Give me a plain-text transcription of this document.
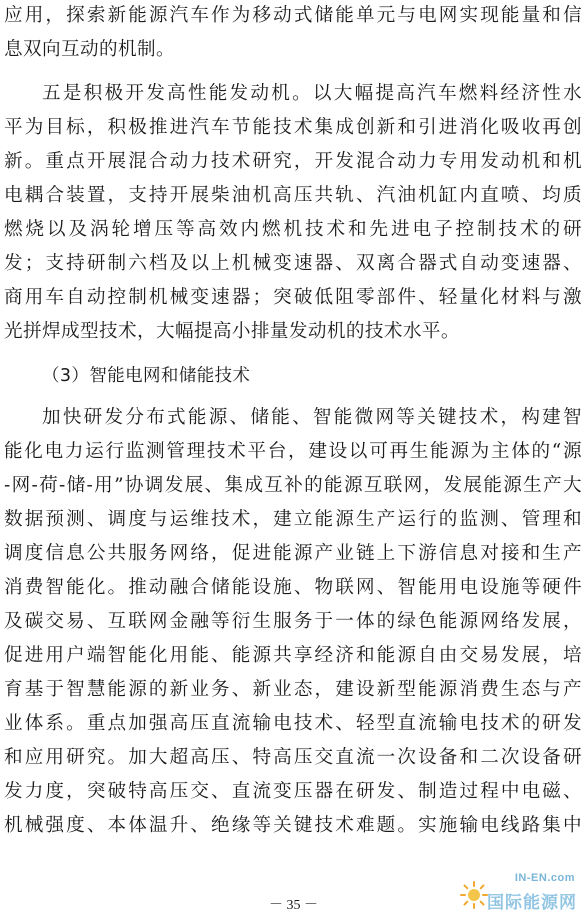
应用，探索新能源汽车作为移动式储能单元与电网实现能量和信
息双向互动的机制。
五是积极开发高性能发动机。以大幅提高汽车燃料经济性水
平为目标，积极推进汽车节能技术集成创新和引进消化吸收再创
新。重点开展混合动力技术研究，开发混合动力专用发动机和机
电耦合装置，支持开展柴油机高压共轨、汽油机缸内直喷、均质
燃烧以及涡轮增压等高效内燃机技术和先进电子控制技术的研
发；支持研制六档及以上机械变速器、双离合器式自动变速器、
商用车自动控制机械变速器；突破低阻零部件、轻量化材料与激
光拼焊成型技术，大幅提高小排量发动机的技术水平。
（3）智能电网和储能技术
加快研发分布式能源、储能、智能微网等关键技术，构建智
能化电力运行监测管理技术平台，建设以可再生能源为主体的“源
-网-荷-储-用”协调发展、集成互补的能源互联网，发展能源生产大
数据预测、调度与运维技术，建立能源生产运行的监测、管理和
调度信息公共服务网络，促进能源产业链上下游信息对接和生产
消费智能化。推动融合储能设施、物联网、智能用电设施等硬件
及碳交易、互联网金融等衍生服务于一体的绿色能源网络发展，
促进用户端智能化用能、能源共享经济和能源自由交易发展，培
育基于智慧能源的新业务、新业态，建设新型能源消费生态与产
业体系。重点加强高压直流输电技术、轻型直流输电技术的研发
和应用研究。加大超高压、特高压交直流一次设备和二次设备研
发力度，突破特高压交、直流变压器在研发、制造过程中电磁、
机械强度、本体温升、绝缘等关键技术难题。实施输电线路集中
－ 35 －
IN-EN.com
国际能源网
